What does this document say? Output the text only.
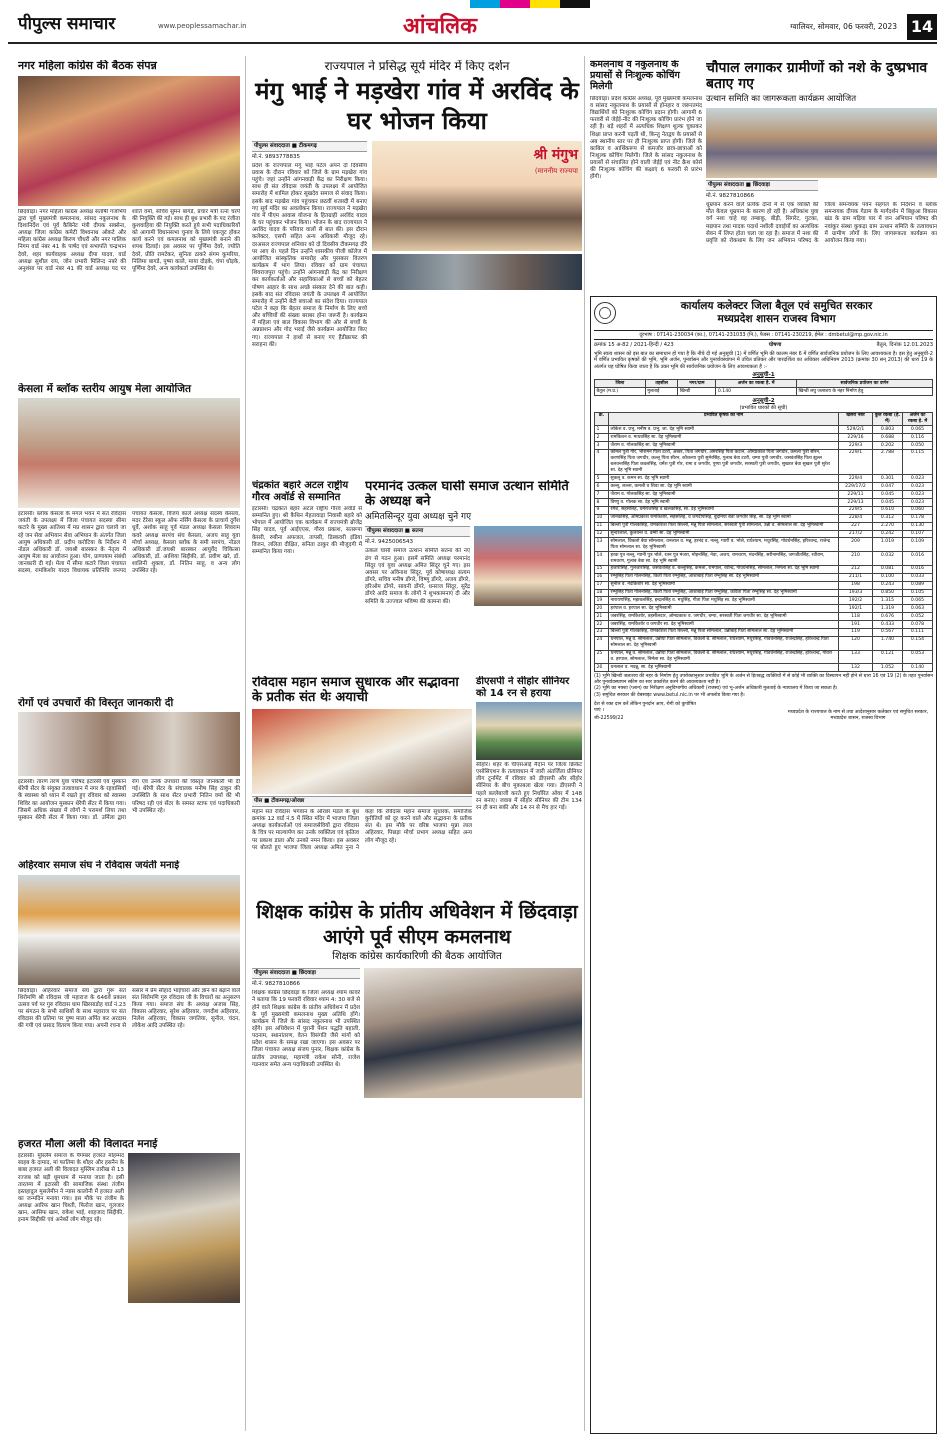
पीपुल्स समाचार	www.peoplessamachar.in	आंचलिक	ग्वालियर, सोमवार, 06 फरवरी, 2023 14
नगर महिला कांग्रेस की बैठक संपन्न
छिंदवाड़ा। नगर महिला कांग्रेस अध्यक्ष संतोषी गजभिये द्वारा पूर्व मुख्यमंत्री कमलनाथ, सांसद नकुलनाथ के दिशानिर्देश एवं पूर्व कैबिनेट मंत्री दीपक सक्सेना, अध्यक्ष जिला कांग्रेस कमेटी विश्वनाथ ओकटे और महिला कांग्रेस अध्यक्ष किरण चौधरी और नगर पालिक निगम वार्ड नंबर 41 के पार्षद एवं सभापति चन्द्रभान देवरे, शहर कार्यवाहक अध्यक्ष दीपा यादव, वार्ड अध्यक्ष सुशील राय, जोन प्रभारी मिलिन्द नबरे की अनुशंसा पर वार्ड नंबर 41 की वार्ड अध्यक्ष पद पर शांति वर्मा, सचिव सुमन बागडे, प्रचार मंत्री रत्ना चरपे की नियुक्ति की गई। साथ ही बूथ प्रभारी के पद रंजीता कुशवाहिया की नियुक्ति करते हुये सभी पदाधिकारियों को आगामी विधानसभा चुनाव के लिये एकजुट होकर कार्य करने एवं कमलनाथ को मुख्यमंत्री बनाने की शपथ दिलाई। इस अवसर पर पूर्णिमा देवरे, ज्योति देवरे, प्रीति रामटेकर, सुनिता ठाकरे संगम कुमरिया, निलिमा बागडे, पुष्पा काले, माया दोड़के, चंपा धोड़के, पूर्णिमा देवरे, अन्य कार्यकर्ता उपस्थित थे।
केसला में ब्लॉक स्तरीय आयुष मेला आयोजित
इटारसी। ब्लॉक केसला के मंगल भवन में संत रविदास जयंती के उपलक्ष्य में जिला पंचायत सदस्या सीमा कटारे के मुख्य आतिथ्य में मप्र शासन द्वारा चलाये जा रहे जन सेवा अभियान सेवा अभियान के अंतर्गत जिला आयुष अधिकारी डॉ. प्रदीप करोटिया के निर्देशन में नोडल अधिकारी डॉ. जयश्री बारस्कर के नेतृत्व में आयुष मेला का आयोजन हुआ। योग, प्राणायाम संबंधी जानकारी दी गई। मेला में सीमा कटारे जिला पंचायत सदस्य, रामकिशोर यादव विधायक प्रतिनिधि जनपद पंचायत केसला, विजय काले अध्यक्ष सदस्य केसला, मदर टेरेसा स्कूल ऑफ नर्सिंग केसला के प्राचार्य दुर्गेश धुर्वे, अशोक साहू पूर्व मंडल अध्यक्ष केसला शिवराम कवरे अध्यक्ष सरपंच संघ केसला, अजय साहू युवा मोर्चा अध्यक्ष, केसला ब्लॉक के समी सरपंच, नोडल अधिकारी डॉ.जयश्री बारस्कर आयुर्वेद चिकित्सा अधिकारी, डॉ. आशिया सिद्दीकी, डॉ. प्रवीण खरे, डॉ. शालिनी शुक्ला, डॉ. नितिन साहू, व अन्य लोग उपस्थित रहे।
रोगों एवं उपचारों की विस्तृत जानकारी दी
इटारसी। तारण तरण युवा परिषद इटारसी एवं मुस्कान थेरेपी सेंटर के संयुक्त तत्वावधान में नगर के रहवासियों के स्वास्थ्य को ध्यान में रखते हुए रविवार को स्वास्थ्य शिविर का आयोजन मुस्कान थेरेपी सेंटर में किया गया। जिसमें अधिक संख्या में लोगों ने परामर्श लिया तथा मुस्कान थेरेपी सेंटर में किया गया। डॉ. उर्मिला द्वारा रोग एवं उनके उपचारों की विस्तृत जानकारी भी दी गई। थेरेपी सेंटर के संचालक मनीष सिंह ठाकुर की उपस्थिति के साथ सेंटर प्रभारी नितिन वर्मा की भी परिषद रही एवं सेंटर के समस्त स्टाफ एवं पदाधिकारी भी उपस्थित रहे।
अहिरवार समाज संघ ने रविदास जयंती मनाई
छिंदवाड़ा। अहिरवार समाज संघ द्वारा गुरू संत शिरोमणि श्री रविदास जी महाराज के 646वें प्रकाश उत्सव पर्व पर गुरु रविदास धाम खिरसाडोह वार्ड नं.23 पर संगठन के सभी साथियों के साथ महाराज पर संत रविदास की प्रतिमा पर पुष्प माला अर्पित कर अरदास की गयी एवं प्रसाद वितरण किया गया। अपनी रचना से संसार में प्रेम सौहार्द भाईचारा और ज्ञान को बढ़ाने वाले संत शिरोमणि गुरु रविदास जी के विचारों का अनुसरण किया गया। समाज संघ के अध्यक्ष अजाब सिंह, विकास अहिरवार, सुरेश अहिरवार, जगदीश अहिरवार, निलेश अहिरवार, विकास जगतिया, सुनील, चंदन, लोकेश आदि उपस्थित रहे।
हजरत मौला अली की विलादत मनाई
इटारसी। मुस्लिम समाज के पैगम्बर हजरत मोहम्मद साहब के दामाद, मां फातिमा के शौहर और हसनैन के बाबा हजरत अली की विलादत मुस्लिम तारीख से 13 रज्जब को बड़ी धूमधाम से मनाया जाता है। इसी तारतम्य में इटारसी की सामाजिक संस्था तंजीम इस्तहादुल मुसलेमीन ने न्यास कालोनी में हजरत अली का जन्मदिन मनाया गया। इस मौके पर तंजीम के अध्यक्ष आरिफ खान चिश्ती, फिरोज खान, गुलजार खान, आसिफ खान, राकेश भाई, शाहजाद सिद्दीकी, इनाम सिद्दीकी एवं अनेकों लोग मौजूद रहे।
राज्यपाल ने प्रसिद्ध सूर्य मंदिर में किए दर्शन
मंगु भाई ने मड़खेरा गांव में अरविंद के घर भोजन किया
पीपुल्स संवाददाता ■ टीकमगढ़
मो.नं. 9893778835
प्रदेश के राज्यपाल मंगु भाई पटेल अपने दो दिवसीय प्रवास के दौरान रविवार को जिले के ग्राम मड़खेरा गांव पहुंचे। जहां उन्होंने आंगनवाड़ी केंद्र का निरीक्षण किया। साथ ही संत रविदास जयंती के उपलक्ष्य में आयोजित समारोह में शामिल होकर सूखदेव समाज से संवाद किया। इसके बाद मड़खेरा गांव पहुंचकर छठवीं शताब्दी में बनाए गए सूर्य मंदिर का अवलोकन किया। राज्यपाल ने मड़खेरा गांव में पीएम आवास योजना के हितग्राही अरविंद यादव के घर पहुंचकर भोजन किया। भोजन के बाद राज्यपाल ने अरविंद यादव के परिवार वालों से बात की। इस दौरान कलेक्टर, एसपी सहित अन्य अधिकारी मौजूद रहे। दरअसल राज्यपाल शनिवार को दो दिवसीय टीकमगढ़ दौरे पर आए थे। पहले दिन उन्होंने शासकीय पीजी कॉलेज में आयोजित सांस्कृतिक समारोह और पुरस्कार वितरण कार्यक्रम में भाग लिया। रविवार को ग्राम पंचायत शिवराजपुरा पहुंचे। उन्होंने आंगनवाड़ी केंद्र का निरीक्षण कर कार्यकर्ताओं और सहायिकाओं से बच्चों को बेहतर पोषण आहार के साथ अच्छे संस्कार देने की बात कही। इसके बाद संत रविदास जयंती के उपलक्ष्य में आयोजित समारोह में उन्होंने बेटी बचाओ का संदेश दिया। राज्यपाल पटेल ने कहा कि बेहतर समाज के निर्माण के लिए बच्चे और बच्चियों की संख्या बराबर होना जरूरी है। कार्यक्रम में महिला एवं बाल विकास विभाग की ओर से बच्चों के अन्नप्राशन और गोद भराई जैसे कार्यक्रम आयोजित किए गए। राज्यपाल ने हाथों से बनाए गए हैंडीक्राफ्ट की सराहना की।
श्री मंगुभ
(माननीय राज्यपा
चंद्रकांत बहारे अटल राष्ट्रीय गौरव अवॉर्ड से सम्मानित
इटारसी। चंद्रकांत बहारे अटल राष्ट्रीय गौरव अवॉर्ड से सम्मानित हुए। श्री कैथिन मेहतावाड़ा निवासी बहारे को भोपाल में आयोजित एक कार्यक्रम में राज्यमंत्री ब्रोजेंद्र सिंह यादव, पूर्व आईएएस, गौरव प्रकाश, सतरूपा केसरी, रुबीना अफजल, तापसी, डिस्कवरी इंडिया विजन, ललिता दीक्षित, सनिता ठाकुर की मौजूदगी में सम्मानित किया गया।
परमानंद उत्कल घासी समाज उत्थान समिति के अध्यक्ष बने
अमितसिन्दूर युवा अध्यक्ष चुने गए
पीपुल्स संवाददाता ■ सतना
मो.नं. 9425006543
उत्कल घासी समाज उत्थान समिति सतना की नए ढंग से गठन हुआ। इसमें समिति अध्यक्ष परमानंद सिंदूर एवं युवा अध्यक्ष अमित सिंदूर चुने गए। इस अवसर पर अविनाश सिंदूर, पूर्व कोषाध्यक्ष सत्यम डोंगरे, सचिव मनीष डोंगरे, विष्णु डोंगरे, अजय डोंगरे, हरिओम डोंगरे, सावनी डोंगरे, धनराज सिंदूर, सुरेंद्र डोंगरे आदि समाज के लोगों ने शुभकामनाएं दी और समिति के उज्ज्वल भविष्य की कामना की।
रविदास महान समाज सुधारक और सद्भावना के प्रतीक संत थेः अयाची
पीस ■ टीकमगढ़/ओरछा
महान संत रविदास भगवान के ओरछा मंडल के बूथ क्रमांक 12 वार्ड नं.5 में स्थित मंदिर में भाजपा जिला अध्यक्ष कार्यकर्ताओं एवं समाजसेवियों द्वारा रविदास के चित्र पर माल्यार्पण कर उनके व्यक्तित्व एवं कृतित्व पर प्रकाश डाला और उनको नमन किया। इस अवसर पर बोलते हुए भाजपा जिला अध्यक्ष अमित नुना ने कहा कि रविदास महान समाज सुधारक, समाजिक कुरीतियों को दूर करने वाले और सद्भावना के प्रतीक संत थे। इस मौके पर वरिष्ठ भाजपा मुन्ना लाल अहिरवार, पिछड़ा मोर्चा प्रभाग अध्यक्ष सहित अन्य लोग मौजूद रहे।
डीएसपी ने सीहोर सीनियर को 14 रन से हराया
सीहोर। शहर के चीएसआई मैदान पर जिला क्रिकेट एसोसिएशन के तत्वावधान में जारी अंतर्जिला प्रीमियर लीग टूर्नामेंट में रविवार को डीएसपी और सीहोर सीनियर के बीच मुकाबला खेला गया। डीएसपी ने पहले बल्लेबाजी करते हुए निर्धारित ओवर में 148 रन बनाए। जवाब में सीहोर सीनियर की टीम 134 रन ही बना सकी और 14 रन से मैच हार गई।
शिक्षक कांग्रेस के प्रांतीय अधिवेशन में छिंदवाड़ा आएंगे पूर्व सीएम कमलनाथ
शिक्षक कांग्रेस कार्यकारिणी की बैठक आयोजित
पीपुल्स संवाददाता ■ छिंदवाड़ा
मो.नं. 9827810866
शिक्षक कांग्रेस छिंदवाड़ा के जिला अध्यक्ष श्याम कावरे ने बताया कि 19 फरवरी रविवार श्याम 4: 30 बजे से होने वाले शिक्षक कांग्रेस के प्रांतीय अधिवेशन में प्रदेश के पूर्व मुख्यमंत्री कमलनाथ मुख्य अतिथि होंगे। कार्यक्रम में जिले के सांसद नकुलनाथ भी उपस्थित रहेंगे। इस अधिवेशन में पुरानी पेंशन पद्धति बहाली, पदनाम, स्थानांतरण, वेतन विसंगति जैसे मांगों को प्रदेश शासन के समक्ष रखा जाएगा। इस अवसर पर जिला पंचायत अध्यक्ष संजय पुनार, शिक्षक कांग्रेस के प्रांतीय उपाध्यक्ष, महामंत्री राकेश सोनी, राजेश गडनवार समेत अन्य पदाधिकारी उपस्थित थे।
कमलनाथ व नकुलनाथ के प्रयासों से निःशुल्क कोचिंग मिलेगी
छिंदवाड़ा। प्रदेश कांग्रेस अध्यक्ष, पूर्व मुख्यमंत्री कमलनाथ व सांसद नकुलनाथ के प्रयासों से होनहार व जरूरतमंद विद्यार्थियों को निःशुल्क कोचिंग प्रदान होगी। आगामी 6 फरवरी से जेईई-नीट की निःशुल्क कोचिंग प्रारंभ होने जा रही है। बड़े शहरों में अत्यधिक शिक्षण शुल्क चुकाकर शिक्षा प्राप्त करनी पड़ती थी, किन्तु नेतद्वय के प्रयासों से अब स्थानीय स्तर पर ही निःशुल्क प्राप्त होगी। जिले के काबिल व आर्थिकरूप से कमजोर छात्र-छात्राओं को निःशुल्क कोचिंग मिलेगी। जिले के सांसद नकुलनाथ के प्रयासों से संचालित होने वाली जेईई एवं नीट क्रैश कोर्स की निःशुल्क कोचिंग की कक्षाएं 6 फरवरी से प्रारंभ होंगी।
चौपाल लगाकर ग्रामीणों को नशे के दुष्प्रभाव बताए गए
उत्थान समिति का जागरूकता कार्यक्रम आयोजित
पीपुल्स संवाददाता ■ छिंदवाड़ा
मो.नं. 9827810866
धूम्रपान करने वाले प्रत्येक दोनों में से एक व्यक्ति की मौत केवल धूम्रपान के कारण हो रही है। अधिकांश युवा वर्ग नशा चाहे वह तम्बाकू, बीड़ी, सिगरेट, गुटका, मद्यपान तथा मादक पदार्थ नशीली दवाईयों का अत्यधिक सेवन में लिप्त होता चला जा रहा है। समाज में नशा की प्रवृत्ति को रोकथाम के लिए जन अभियान परिषद के जिला समन्वयक पवन सहगल के निर्देशन व ब्लॉक समन्वयक दीपक गेडाम के मार्गदर्शन में बिछुआ विकास खंड के ग्राम मड़िया पार में जन अभियान परिषद की नवांकुर संस्था कुकड़ा ग्राम उत्थान समिति के तत्वावधान में ग्रामीण लोगों के लिए जागरूकता कार्यक्रम का आयोजन किया गया।
कार्यालय कलेक्टर जिला बैतूल एवं समुचित सरकार
मध्यप्रदेश शासन राजस्व विभाग
दूरभाष : 07141-230034 (का.), 07141-231033 (नि.), फैक्स : 07141-230219, ईमेल : dmbetul@mp.gov.nic.in
क्रमांक 15 अ-82 / 2021-हिन्दी / 423	घोषणा	बैतूल, दिनांक 12.01.2023
भूमि स्वत्व शासन को इस बात का समाधान हो गया है कि नीचे दी गई अनुसूची (1) में वर्णित भूमि की कालम नंबर 6 में वर्णित सार्वजनिक प्रयोजन के लिए आवश्यकता है। इस हेतु अनुसूची-2 में वर्णित प्रभावित कृषकों की भूमि, भूमि अर्जन, पुनर्वासन और पुनर्व्यवस्थापन में उचित प्रतिकर और पारदर्शिता का अधिकार अधिनियम 2013 (क्रमांक 30 सन् 2013) की धारा 19 के अंतर्गत यह घोषित किया जाता है कि उक्त भूमि की सार्वजनिक प्रयोजन के लिए आवश्यकता है :-
अनुसूची-1
जिला	तहसील	नगर/ग्राम	अर्जन का रकबा है. में	सार्वजनिक प्रयोजन का वर्णन
बैतूल (म.प्र.)	मुलताई	खिन्डी	0.140	खिन्डी लघु जलाशय के नहर निर्माण हेतु
अनुसूची-2
(प्रभावित धारकों की सूची)
क्र.	प्रभावित कृषक का नाम	खसरा नंबर	कुल रकबा (हे. में)	अर्जन का रकबा हे. में
1	लोकेश व. प्रभु, मनीष व. प्रभु, जा. देह भूमि स्वामी	529/2/1	0.803	0.065
2	रामकिशन व. माधवसिंह सा. देह भूमिस्वामी	229/16	0.688	0.116
3	जैराम व. गोलकसिंह सा. देह भूमिस्वामी	229/3	0.202	0.050
4	कोमल पुत्री गोर, भीरामन पिता टटरी, अब्बर, पिता जगधीर, अमरसिंह पिता कटान, ओमप्रकाश पिता जगधीर, कमला पुत्री सीरन, करणसिंह पिता जगधीर, कल्लू पिता सीरन, कौशल्या पुत्री सुमेरसिंह, गुलाब बेवा टटरी, चम्पा पुत्री जगधीर, जसवंतसिंह पिता झुल्ल बलवन्तसिंह पिता कवलसिंह, धर्मेश पुत्री गोर, रामा व जगधीर, पुष्पा पुत्री जगधीर, सरस्वती पुत्री जगधीर, सुखरत बेवा सुखल पुत्री सुरेश सा. देह भूमि स्वामी	229/1	2.788	0.115
5	सुकलू व. कमन सा. देह भूमि स्वामी	229/4	0.301	0.023
6	कल्लू, लल्ला, कमली व शिवा सा. देह भूमि स्वामी	229/17/2	0.047	0.023
7	जैराम व. गोलकसिंह सा. देह भूमिस्वामी	229/11	0.045	0.023
8	विष्णु व. गोलक सा. देह भूमि स्वामी	229/13	0.045	0.023
9	रमेश, सहसलिंह, धर्मराजसिंह व खलकसिंह, सा. देह भूमिस्वामी	229/5	0.610	0.060
10	जानकसिंह, ओमप्रकाश रामकिशोर, सहसलिंह, व जगदीपसिंह, बुदनिया बेवा जगधीर सिंह, सा. देह भूमि स्वामी	228/4	0.312	0.178
11	बिल्लो पुत्री गोलकसिंह, रामकशिश पिता सिल्ली, मन्नू पिता सोमलाल, सरस्वती पुत्री सोमलाल, उन्नी व. सोमलाल सा. देह भूमिस्वामी	227	2.270	0.130
12	सुन्दरलाल, कुलवन्त व. ढम्मी सा. देह भूमिस्वामी	217/2	0.242	0.107
13	सोमलाल, विकलो बेवा सोमलाल, धनलाल व. मन्नू, हरनंद व. नल्लू, ग्यारी व. भोले, राधेश्याम, मथुरसिंह, गोवर्धनसिंह, हरिश्चन्द्र, राजेन्द्र पिता सोमलाल सा. देह भूमिस्वामी	209	1.019	0.109
14	हरक पुत्र नल्लू, ग्यानी पुत्र भोले, रतन पुत्र मंजरा, मोहनसिंह, नेवा, अजय, रामचरण, मंदनसिंह, सरीनामसिंह, जगजीतसिंह, रवीराम, रामवरण, गुलाब बेवा सा. देह भूमि स्वामी	210	0.032	0.016
15	हजारीसिंह, गुलजारसिंह, जसवंतसिंह व. बल्लूसिंह, कमला, रामपाल, रवीन्द्र, गोवर्धनसिंह, सोमलाल, निर्मला सा. देह भूमि स्वामी	212	0.081	0.016
16	रम्भूसिंह पिता गोलनसिंह, किर्ती पिता रम्भूसिंह, आशाबाई पिता रम्भूसिंह सा. देह भूमिस्वामी	211/1	0.100	0.033
17	सुनील व. नंदकिशोर सा. देह भूमिस्वामी	198	0.243	0.089
18	रम्भूसिंह पिता गोलनसिंह, किर्ती पिता रम्भूसिंह, आशाबाई पिता रम्भूसिंह, कविता पिता रम्भूसिंह सा. देह भूमिस्वामी	193/3	0.850	0.105
19	नारायणसिंह, महाबलसिंह, इन्द्रलसिंह व. मधुसिंह, गीता पिता मधुसिंह सा. देह भूमिस्वामी	192/2	1.315	0.065
20	हरपाल व. हरपाल सा. देह भूमिस्वामी	192/1	1.319	0.063
21	जबरसिंह, रामकिशोर, तहसीलदार, ओमप्रकाश व. जगधीर, चम्पा, सरस्वती पिता जगधीर सा. देह भूमिस्वामी	118	0.676	0.052
22	जबरसिंह, रामकिशोर व जगधीर सा. देह भूमिस्वामी	191	0.433	0.078
23	बिल्लो पुत्री गोलकसिंह, रामकशिश पिता सिल्ली, मन्नू पिता सोमलाल, उन्नीबाई पिता सोमलाल सा. देह भूमिस्वामी	119	0.567	0.111
24	धनपाल, मन्नू व. सोमलाल, उन्नीया पिता सोमलाल, विकलो बे. सोमलाल, राधेश्याम, मथुरसिंह, गोवर्धनसिंह, राजेन्द्रसिंह, हरिश्चन्द्र पिता सोमलाल सा. देह भूमिस्वामी	120	1.740	0.154
25	धनपाल, मन्नू व. सोमलाल, उन्नीया पिता सोमलाल, विकलो बे. सोमलाल, राधेश्याम, मथुरसिंह, गोवर्धनसिंह, राजेन्द्रसिंह, हरिश्चन्द्र, गोवरा व. हरपाल, सोमलाल, निर्मला सा. देह भूमिस्वामी	133	0.121	0.053
26	धनलाल व. मदन्नू, सा. देह भूमिस्वामी	132	1.052	0.140
(1) भूमि खिन्डी जलाशय की नहर के निर्माण हेतु उपरोक्तानुसार प्रभावित भूमि के अर्जन से हितबद्ध व्यक्तियों में से कोई भी व्यक्ति का विस्थापन नहीं होने से धारा 16 एवं 19 (2) के तहत पुनर्वासन और पुनर्व्यवस्थापन स्कीम का सार प्रकाशित करने की आवश्यकता नहीं है।
(2) भूमि का नक्शा (प्लान) का निरीक्षण अनुविभागीय अधिकारी (राजस्व) एवं भू-अर्जन अधिकारी मुलताई के न्यायालय में किया जा सकता है।
(3) समुचित सरकार की वेबसाइट www.betul.nic.in पर भी अपलोड किया गया है।
देश से रक्त दान करें लेकिन पुनर्दान आप, रोगी को कुपोषित पाएं ।
जी-22599/22
मध्यप्रदेश के राज्यपाल के नाम से तथा आदेशानुसार कलेक्टर एवं समुचित सरकार, मध्यप्रदेश शासन, राजस्व विभाग
